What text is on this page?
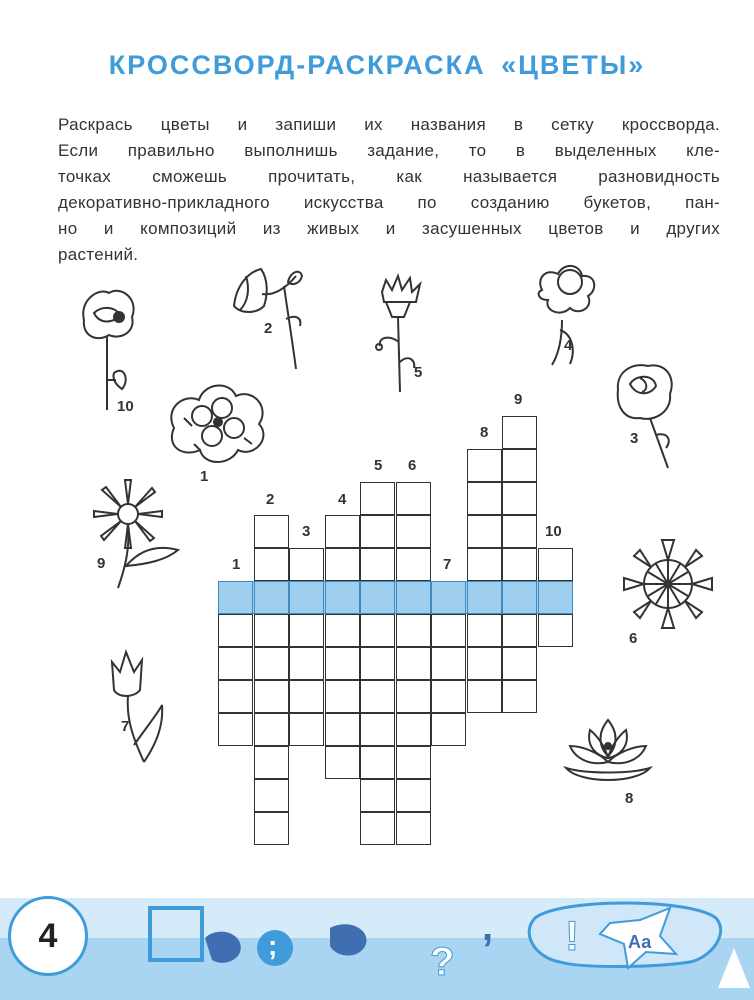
КРОССВОРД-РАСКРАСКА «ЦВЕТЫ»
Раскрась цветы и запиши их названия в сетку кроссворда.
Если правильно выполнишь задание, то в выделенных кле-
точках сможешь прочитать, как называется разновидность
декоративно-прикладного искусства по созданию букетов, пан-
но и композиций из живых и засушенных цветов и других
растений.
10
2
5
4
3
1
9
6
7
8
1
2
3
4
5 6
7
8
9
10
;	?
, !	Аа
4
